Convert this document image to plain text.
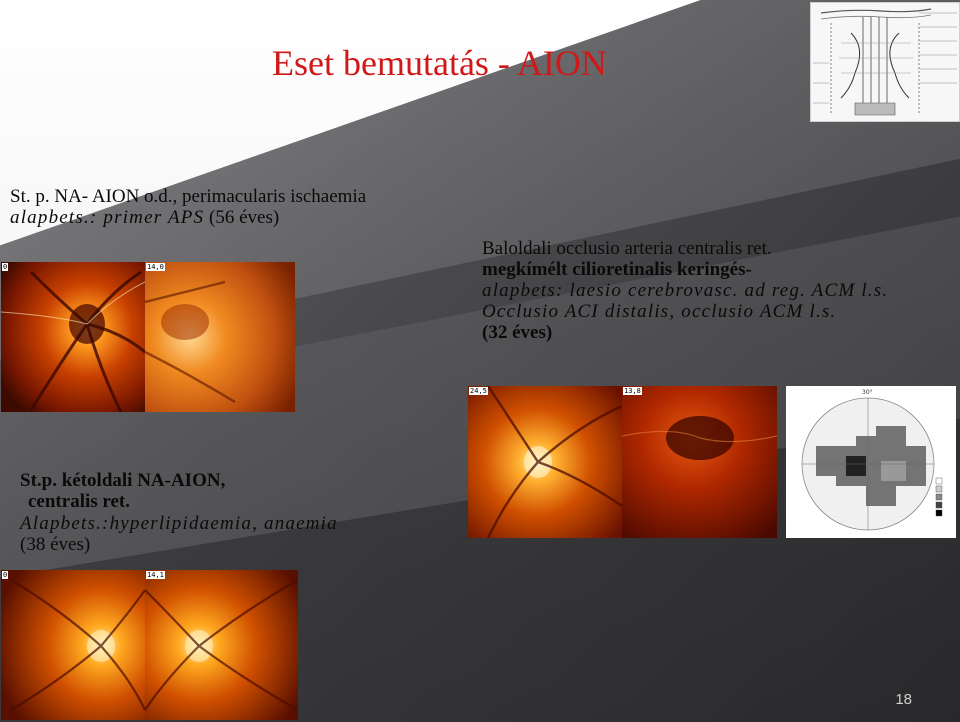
Eset bemutatás - AION
St. p. NA- AION o.d., perimacularis ischaemia
alapbets.: primer APS (56 éves)
0	14,0
Baloldali occlusio arteria centralis ret.
megkímélt cilioretinalis keringés-
alapbets: laesio cerebrovasc. ad reg. ACM l.s.
Occlusio ACI distalis, occlusio ACM l.s.
(32 éves)
24,5	13,8	30°
St.p. kétoldali NA-AION,
centralis ret.
Alapbets.:hyperlipidaemia, anaemia
(38 éves)
0	14,1
18
